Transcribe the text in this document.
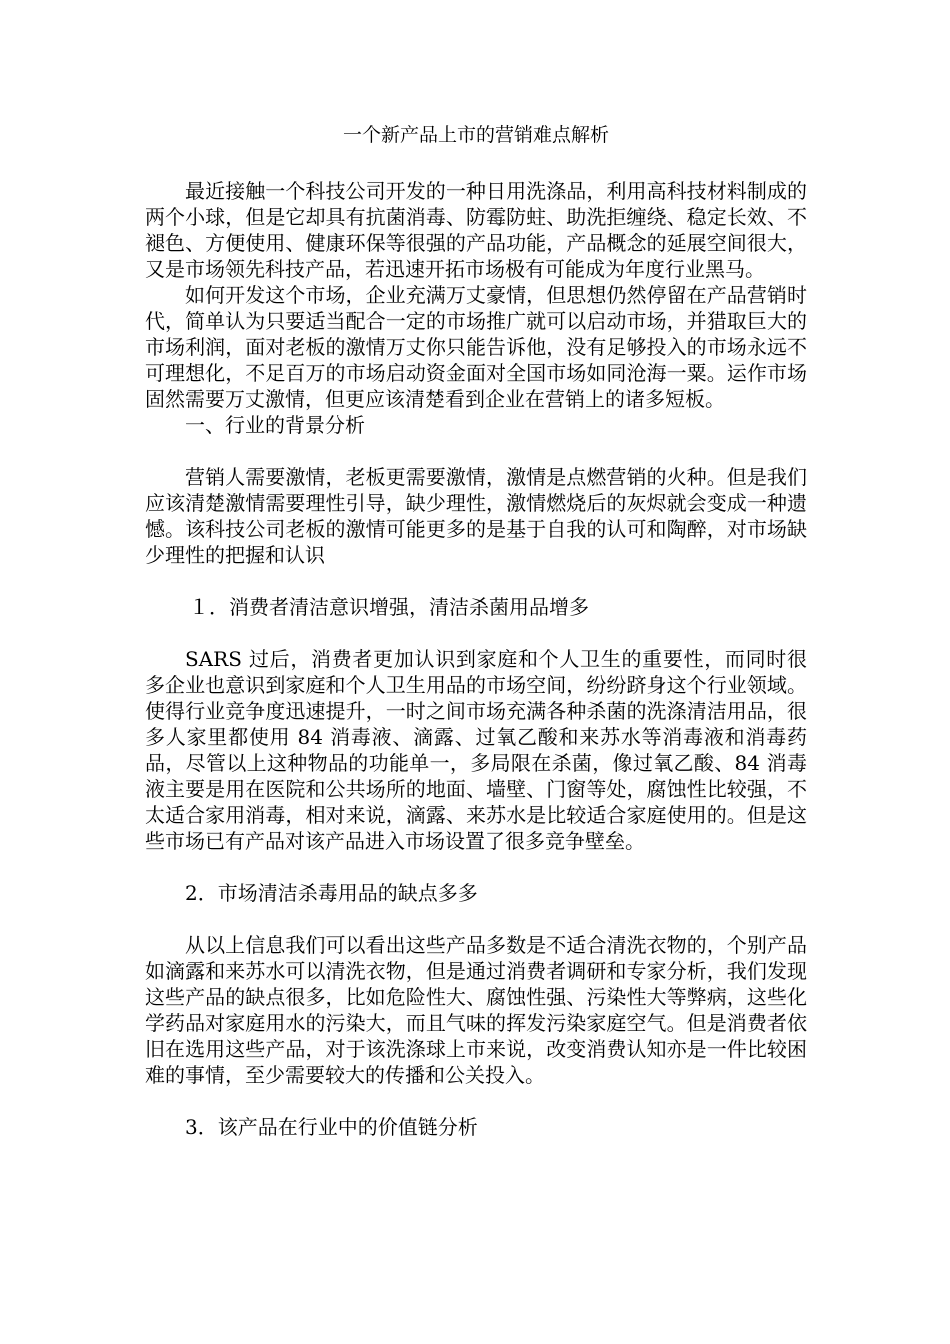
一个新产品上市的营销难点解析

最近接触一个科技公司开发的一种日用洗涤品，利用高科技材料制成的两个小球，但是它却具有抗菌消毒、防霉防蛀、助洗拒缠绕、稳定长效、不褪色、方便使用、健康环保等很强的产品功能，产品概念的延展空间很大，又是市场领先科技产品，若迅速开拓市场极有可能成为年度行业黑马。

如何开发这个市场，企业充满万丈豪情，但思想仍然停留在产品营销时代，简单认为只要适当配合一定的市场推广就可以启动市场，并猎取巨大的市场利润，面对老板的激情万丈你只能告诉他，没有足够投入的市场永远不可理想化，不足百万的市场启动资金面对全国市场如同沧海一粟。运作市场固然需要万丈激情，但更应该清楚看到企业在营销上的诸多短板。

一、行业的背景分析

营销人需要激情，老板更需要激情，激情是点燃营销的火种。但是我们应该清楚激情需要理性引导，缺少理性，激情燃烧后的灰烬就会变成一种遗憾。该科技公司老板的激情可能更多的是基于自我的认可和陶醉，对市场缺少理性的把握和认识

１．消费者清洁意识增强，清洁杀菌用品增多

SARS 过后，消费者更加认识到家庭和个人卫生的重要性，而同时很多企业也意识到家庭和个人卫生用品的市场空间，纷纷跻身这个行业领域。使得行业竞争度迅速提升，一时之间市场充满各种杀菌的洗涤清洁用品，很多人家里都使用 84 消毒液、滴露、过氧乙酸和来苏水等消毒液和消毒药品，尽管以上这种物品的功能单一，多局限在杀菌，像过氧乙酸、84 消毒液主要是用在医院和公共场所的地面、墙壁、门窗等处，腐蚀性比较强，不太适合家用消毒，相对来说，滴露、来苏水是比较适合家庭使用的。但是这些市场已有产品对该产品进入市场设置了很多竞争壁垒。

2．市场清洁杀毒用品的缺点多多

从以上信息我们可以看出这些产品多数是不适合清洗衣物的，个别产品如滴露和来苏水可以清洗衣物，但是通过消费者调研和专家分析，我们发现这些产品的缺点很多，比如危险性大、腐蚀性强、污染性大等弊病，这些化学药品对家庭用水的污染大，而且气味的挥发污染家庭空气。但是消费者依旧在选用这些产品，对于该洗涤球上市来说，改变消费认知亦是一件比较困难的事情，至少需要较大的传播和公关投入。

3．该产品在行业中的价值链分析
